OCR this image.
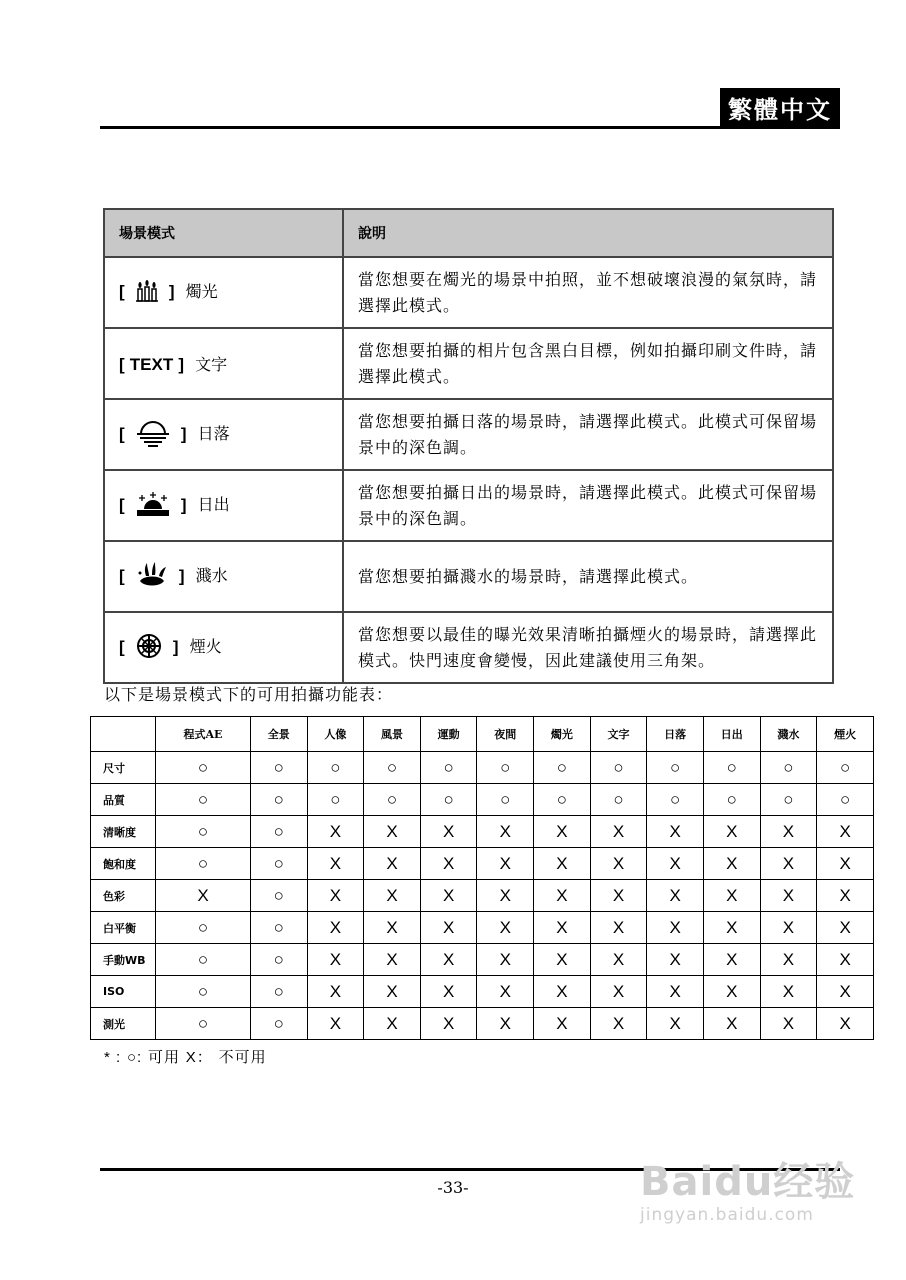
繁體中文
場景模式	說明
[ ] 燭光	當您想要在燭光的場景中拍照，並不想破壞浪漫的氣氛時，請選擇此模式。
[ TEXT ] 文字	當您想要拍攝的相片包含黑白目標，例如拍攝印刷文件時，請選擇此模式。
[ ] 日落	當您想要拍攝日落的場景時，請選擇此模式。此模式可保留場景中的深色調。
[ ] 日出	當您想要拍攝日出的場景時，請選擇此模式。此模式可保留場景中的深色調。
[ ] 濺水	當您想要拍攝濺水的場景時，請選擇此模式。
[ ] 煙火	當您想要以最佳的曝光效果清晰拍攝煙火的場景時，請選擇此模式。快門速度會變慢，因此建議使用三角架。
以下是場景模式下的可用拍攝功能表：
	程式AE	全景	人像	風景	運動	夜間	燭光	文字	日落	日出	濺水	煙火
尺寸	○	○	○	○	○	○	○	○	○	○	○	○
品質	○	○	○	○	○	○	○	○	○	○	○	○
清晰度	○	○	X	X	X	X	X	X	X	X	X	X
飽和度	○	○	X	X	X	X	X	X	X	X	X	X
色彩	X	○	X	X	X	X	X	X	X	X	X	X
白平衡	○	○	X	X	X	X	X	X	X	X	X	X
手動WB	○	○	X	X	X	X	X	X	X	X	X	X
ISO	○	○	X	X	X	X	X	X	X	X	X	X
測光	○	○	X	X	X	X	X	X	X	X	X	X
* : ○: 可用 X： 不可用
-33-	Baidu经验
jingyan.baidu.com
